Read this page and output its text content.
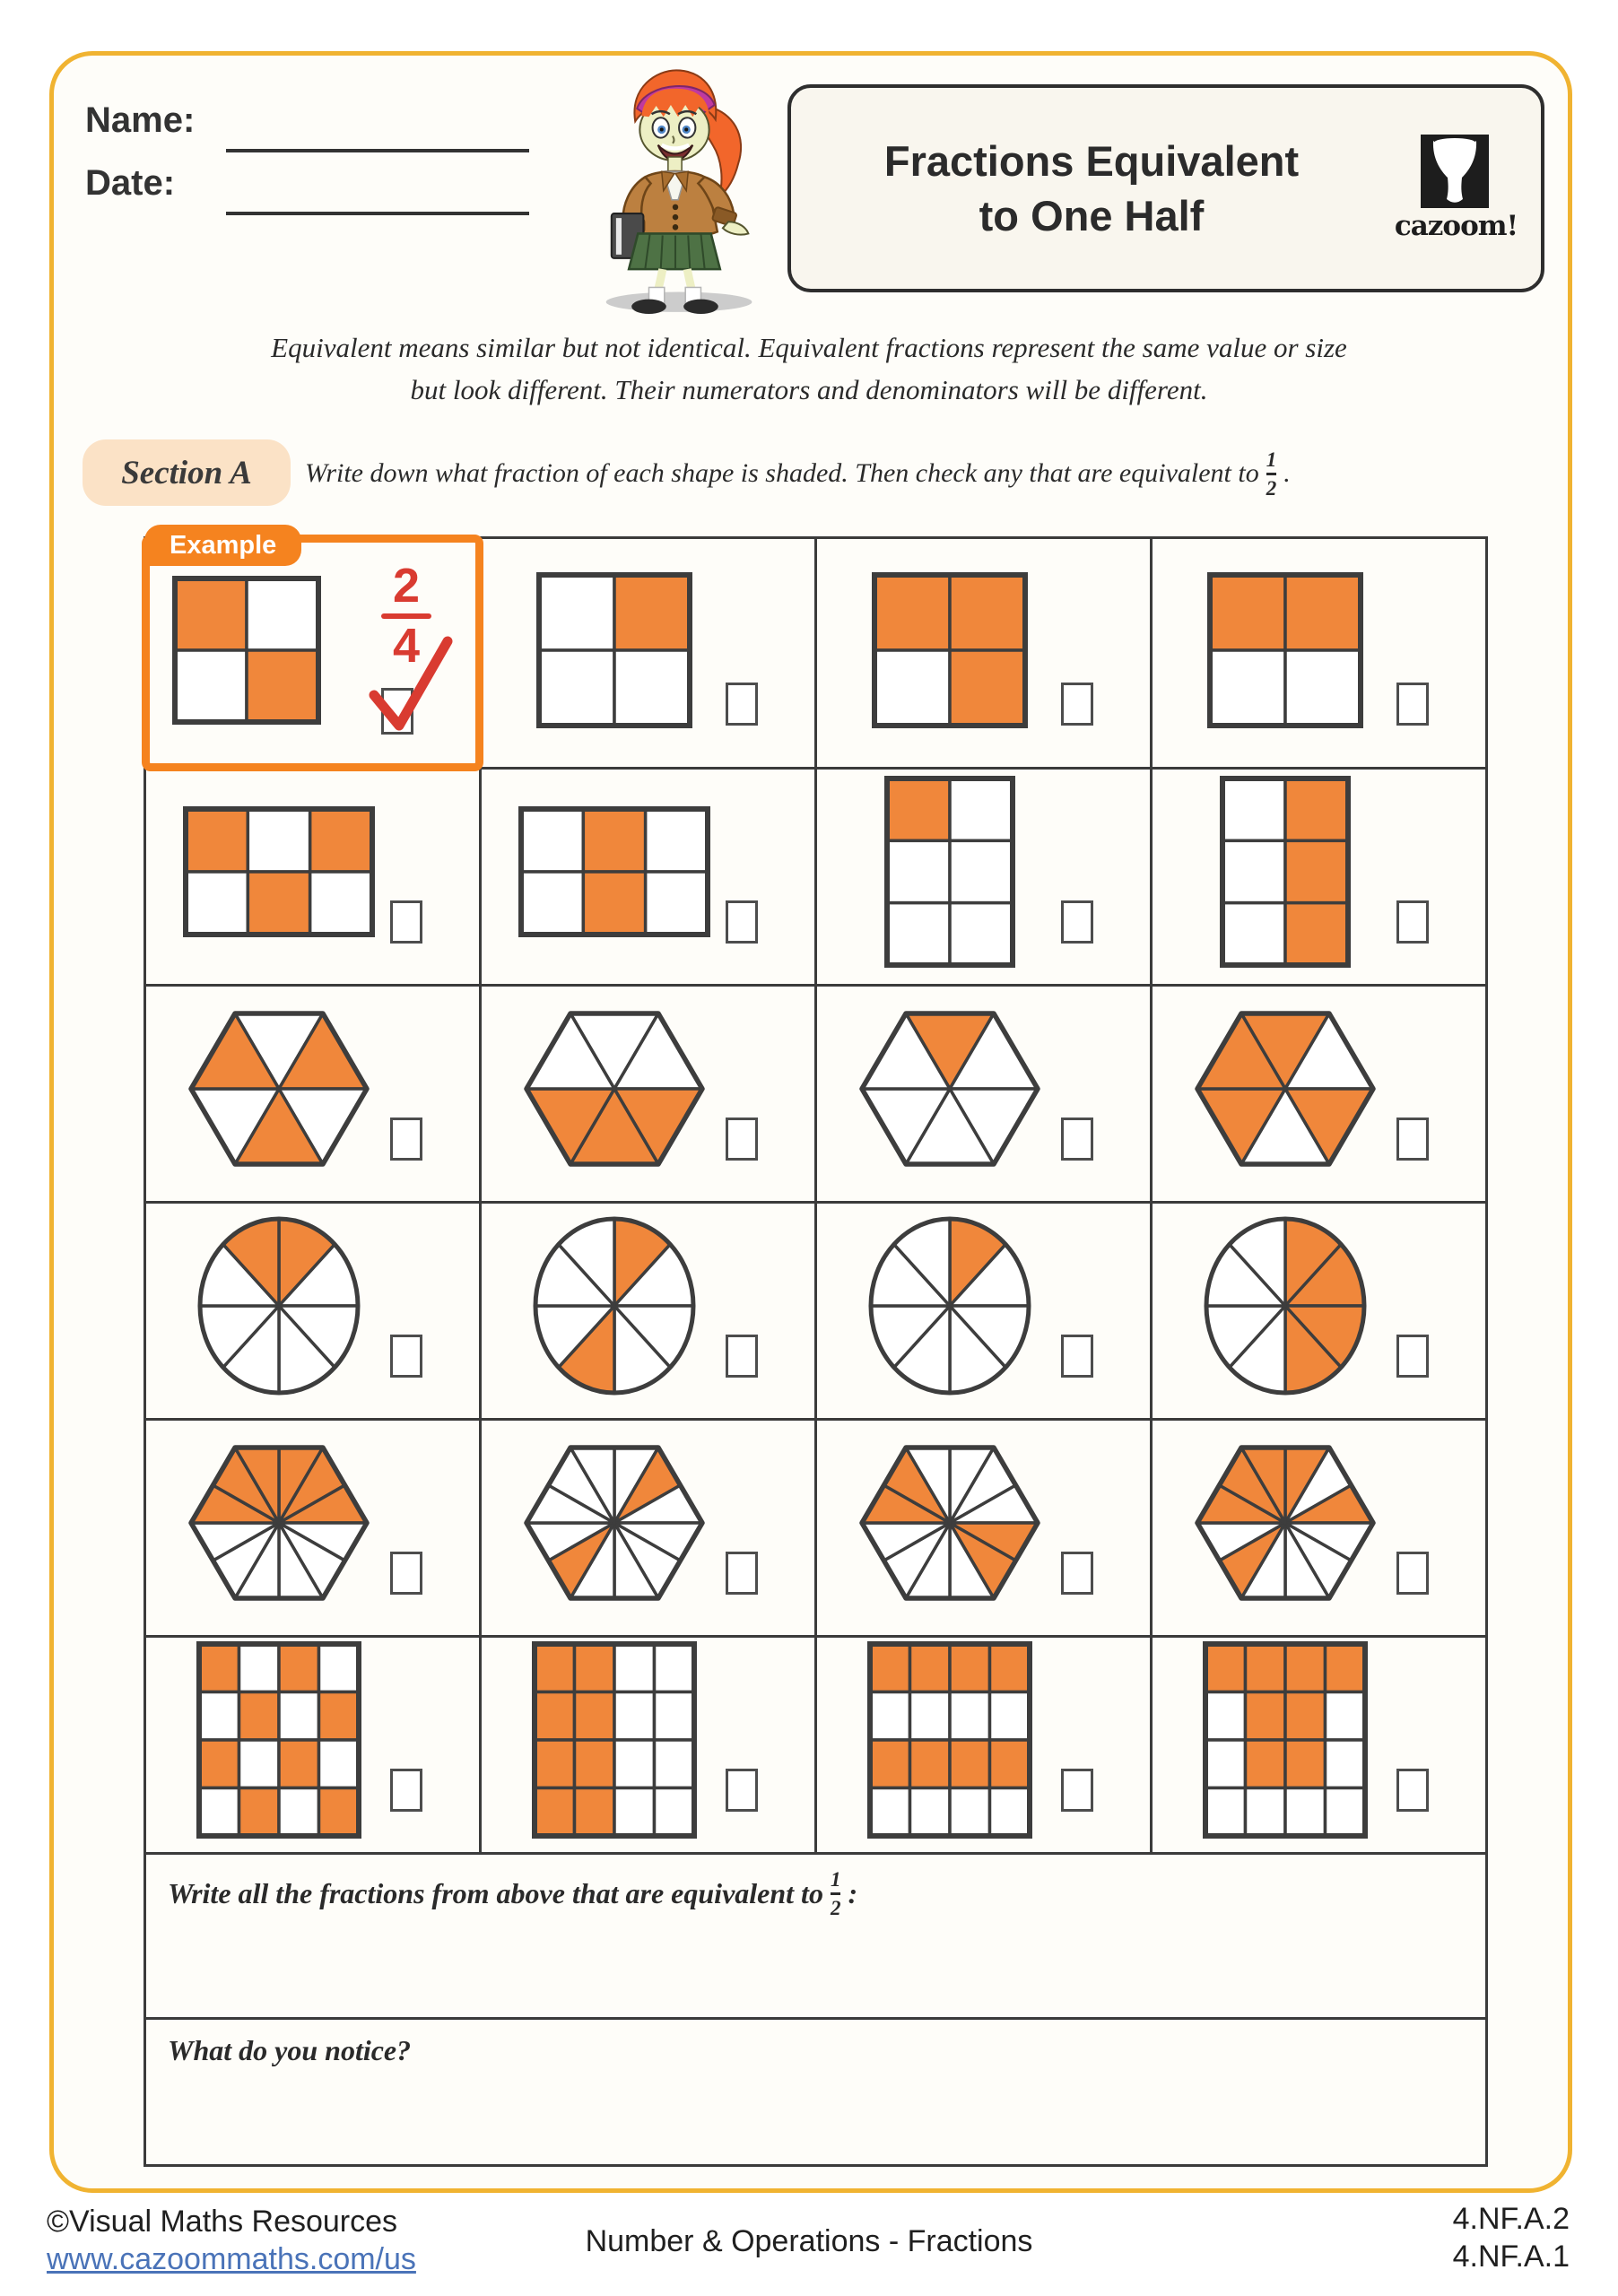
Name:
Date:	Fractions Equivalent
to One Half	cazoom!
Equivalent means similar but not identical. Equivalent fractions represent the same value or size
but look different. Their numerators and denominators will be different.
Section A	Write down what fraction of each shape is shaded. Then check any that are equivalent to $\frac{1}{2}$ .
Example
2
4
Write all the fractions from above that are equivalent to $\frac{1}{2}$ :
What do you notice?
©Visual Maths Resources
www.cazoommaths.com/us
Number & Operations - Fractions
4.NF.A.2
4.NF.A.1
